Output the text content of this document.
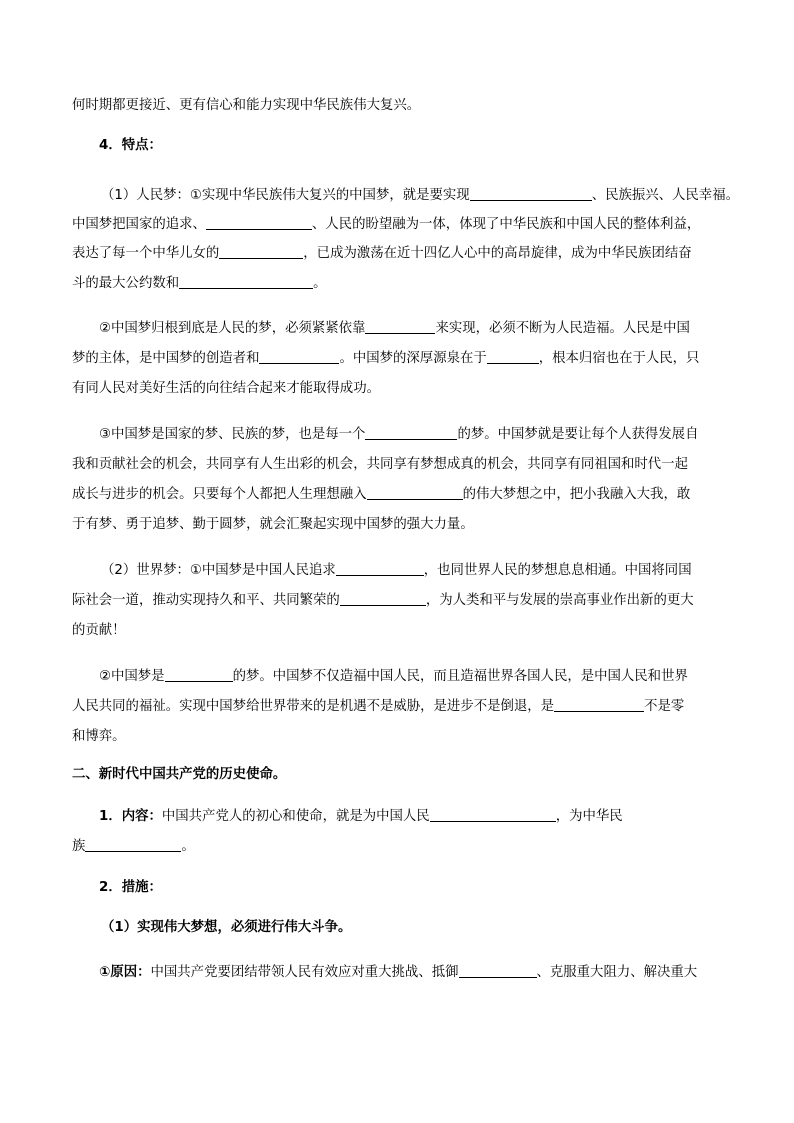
何时期都更接近、更有信心和能力实现中华民族伟大复兴。
4．特点：
（1）人民梦：①实现中华民族伟大复兴的中国梦，就是要实现	、民族振兴、人民幸福。
中国梦把国家的追求、	、人民的盼望融为一体，体现了中华民族和中国人民的整体利益，
表达了每一个中华儿女的	，已成为激荡在近十四亿人心中的高昂旋律，成为中华民族团结奋
斗的最大公约数和	。
②中国梦归根到底是人民的梦，必须紧紧依靠	来实现，必须不断为人民造福。人民是中国
梦的主体，是中国梦的创造者和	。中国梦的深厚源泉在于	，根本归宿也在于人民，只
有同人民对美好生活的向往结合起来才能取得成功。
③中国梦是国家的梦、民族的梦，也是每一个	的梦。中国梦就是要让每个人获得发展自
我和贡献社会的机会，共同享有人生出彩的机会，共同享有梦想成真的机会，共同享有同祖国和时代一起
成长与进步的机会。只要每个人都把人生理想融入	的伟大梦想之中，把小我融入大我，敢
于有梦、勇于追梦、勤于圆梦，就会汇聚起实现中国梦的强大力量。
（2）世界梦：①中国梦是中国人民追求	，也同世界人民的梦想息息相通。中国将同国
际社会一道，推动实现持久和平、共同繁荣的	，为人类和平与发展的崇高事业作出新的更大
的贡献！
②中国梦是	的梦。中国梦不仅造福中国人民，而且造福世界各国人民，是中国人民和世界
人民共同的福祉。实现中国梦给世界带来的是机遇不是威胁，是进步不是倒退，是	不是零
和博弈。
二、新时代中国共产党的历史使命。
1．内容：中国共产党人的初心和使命，就是为中国人民	，为中华民
族	。
2．措施：
（1）实现伟大梦想，必须进行伟大斗争。
①原因：中国共产党要团结带领人民有效应对重大挑战、抵御	、克服重大阻力、解决重大
